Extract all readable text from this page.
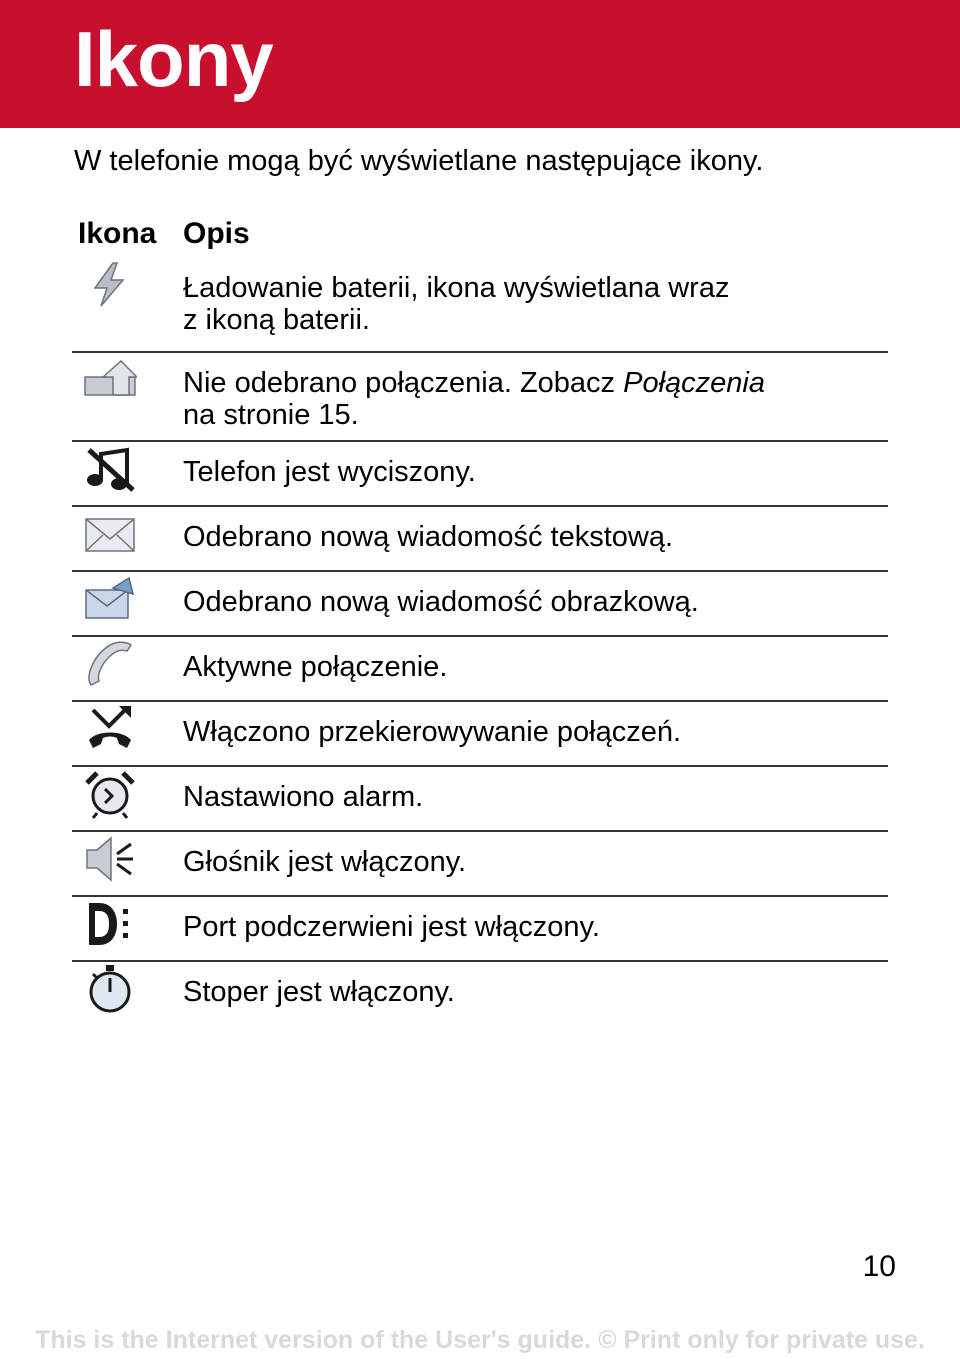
Ikony

W telefonie mogą być wyświetlane następujące ikony.

Ikona Opis
Ładowanie baterii, ikona wyświetlana wraz
z ikoną baterii.
Nie odebrano połączenia. Zobacz Połączenia
na stronie 15.
Telefon jest wyciszony.
Odebrano nową wiadomość tekstową.
Odebrano nową wiadomość obrazkową.
Aktywne połączenie.
Włączono przekierowywanie połączeń.
Nastawiono alarm.
Głośnik jest włączony.
Port podczerwieni jest włączony.
Stoper jest włączony.
10
This is the Internet version of the User's guide. © Print only for private use.
